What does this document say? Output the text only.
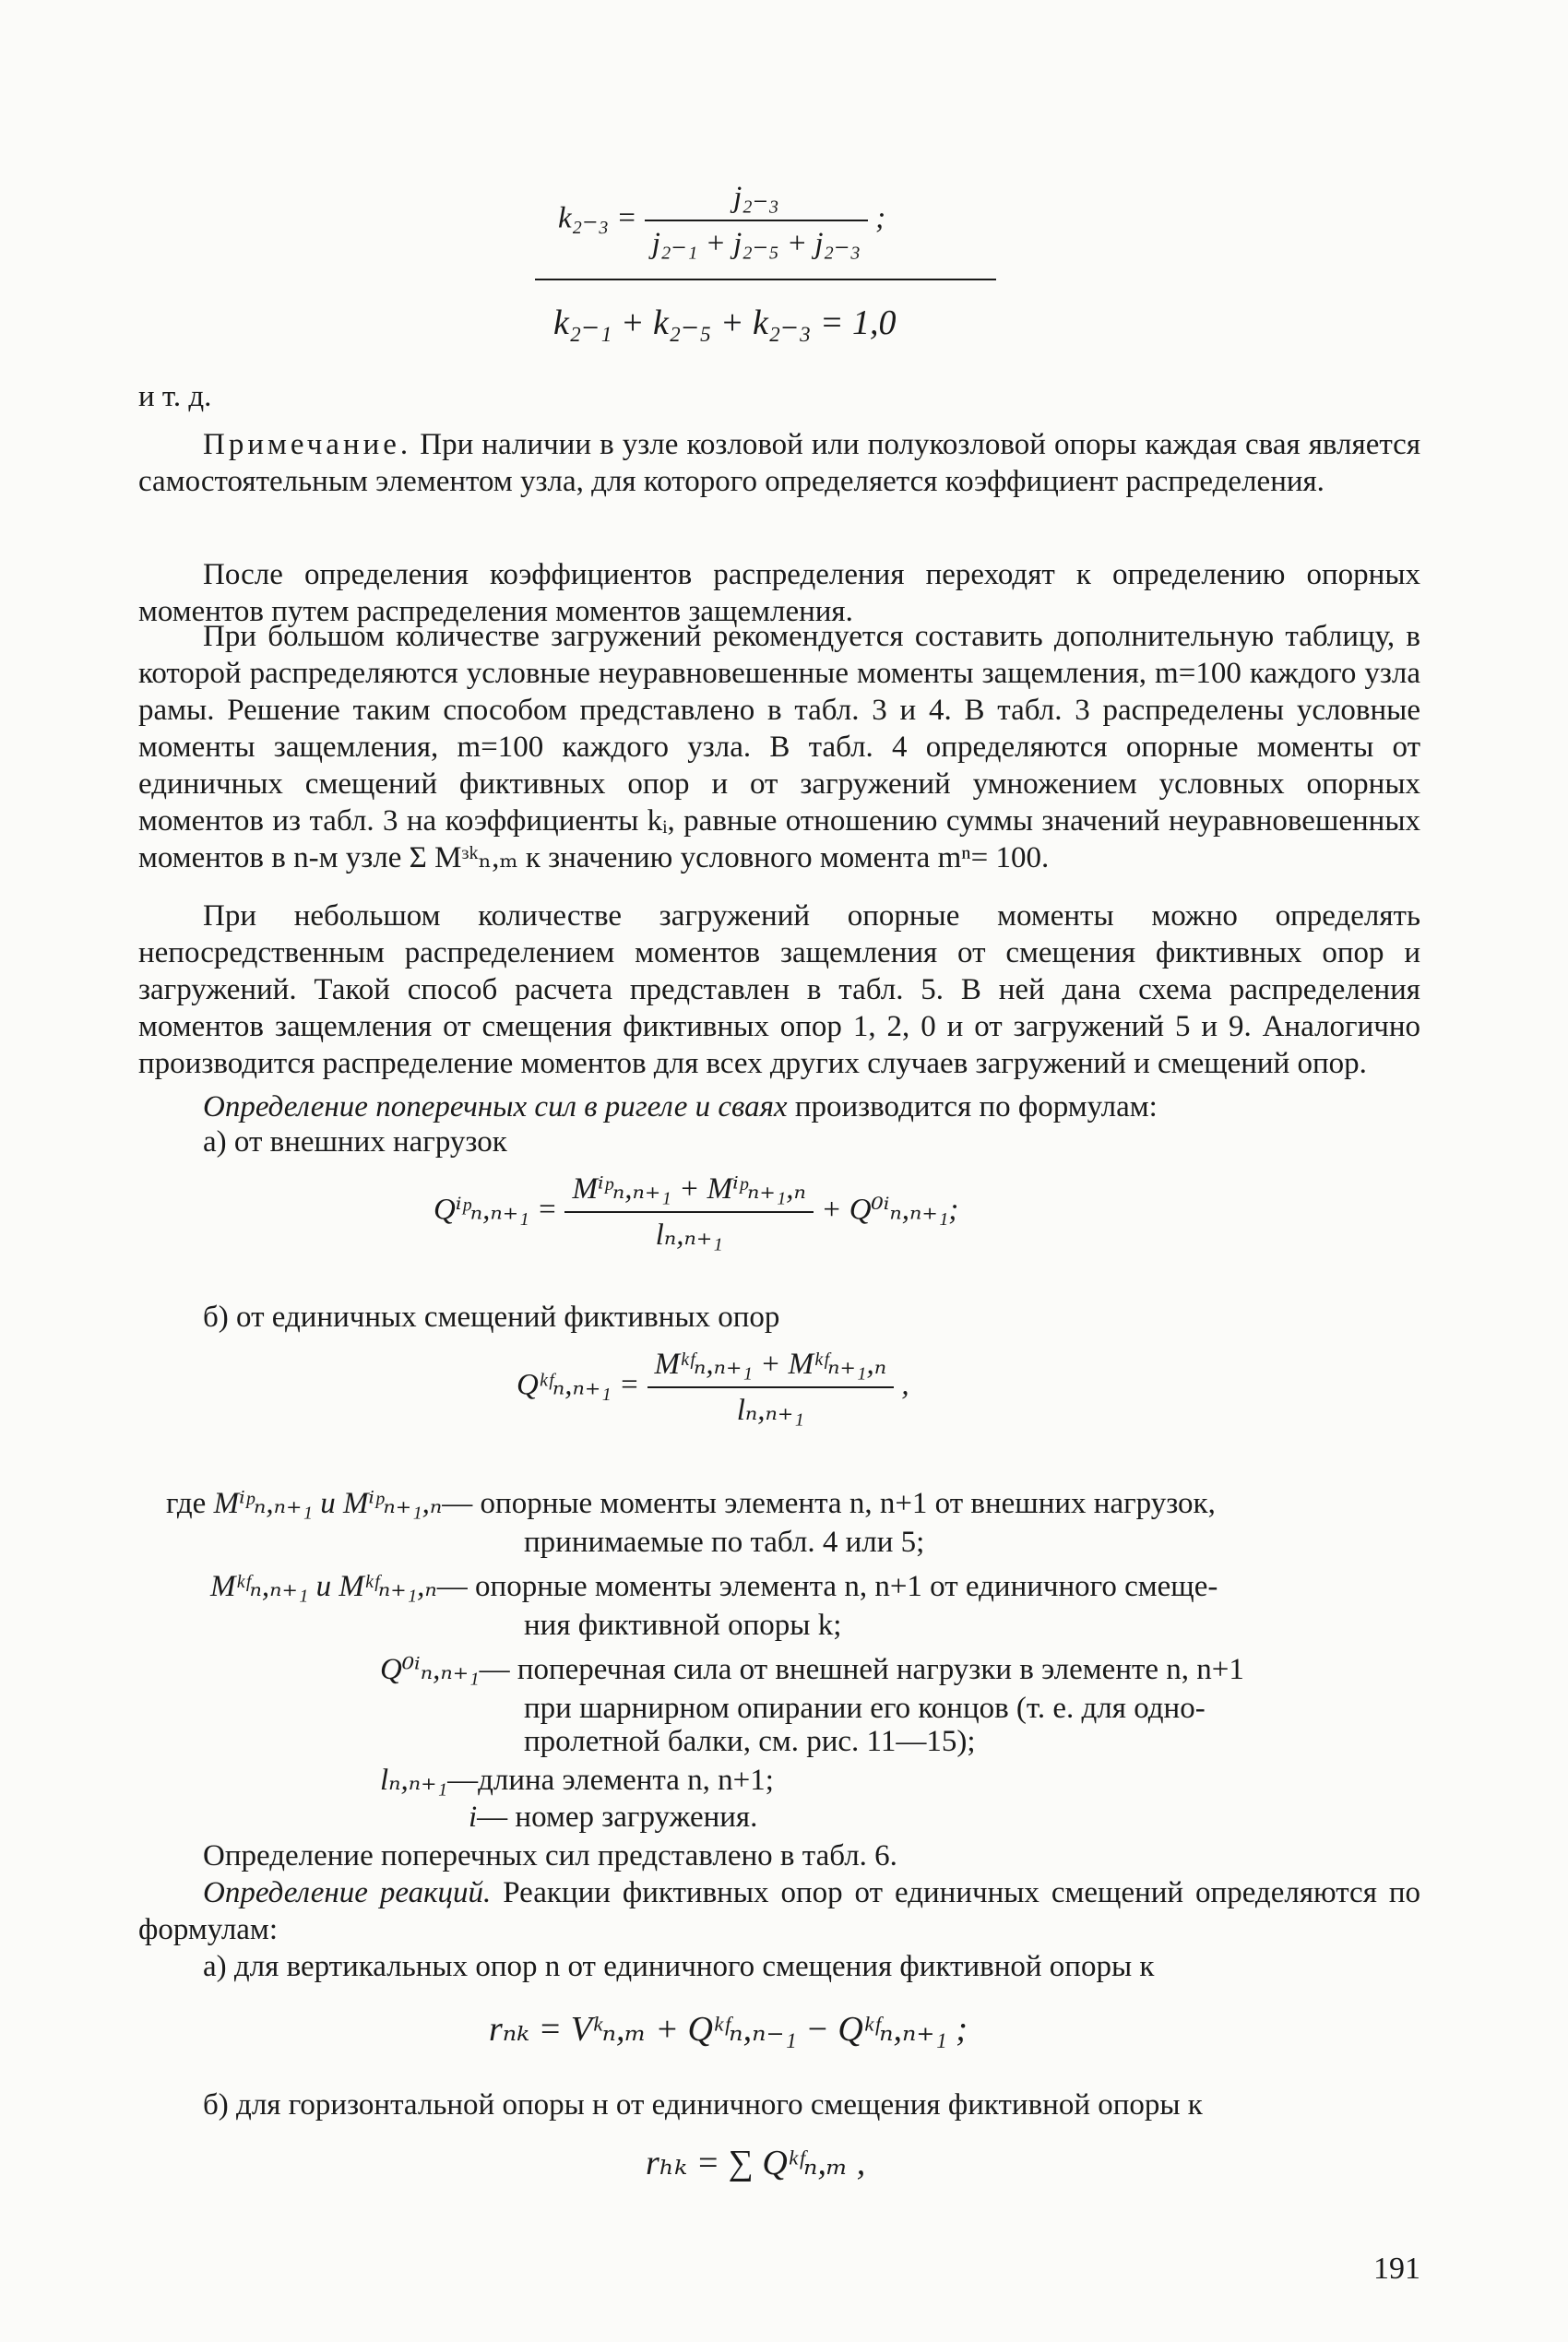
$k_{2-3} = \frac{\text{j₂₋₃}}{\text{j₂₋₁ + j₂₋₅ + j₂₋₃}}$ ;
k₂₋₁ + k₂₋₅ + k₂₋₃ = 1,0
и т. д.
Примечание. При наличии в узле козловой или полукозловой опоры каждая свая является самостоятельным элементом узла, для которого определяется коэффициент распределения.

После определения коэффициентов распределения переходят к определению опорных моментов путем распределения моментов защемления.

При большом количестве загружений рекомендуется составить дополнительную таблицу, в которой распределяются условные неуравновешенные моменты защемления, m=100 каждого узла рамы. Решение таким способом представлено в табл. 3 и 4. В табл. 3 распределены условные моменты защемления, m=100 каждого узла. В табл. 4 определяются опорные моменты от единичных смещений фиктивных опор и от загружений умножением условных опорных моментов из табл. 3 на коэффициенты kᵢ, равные отношению суммы значений неуравновешенных моментов в n-м узле Σ Mᶟᵏₙ,ₘ к значению условного момента mⁿ= 100.

При небольшом количестве загружений опорные моменты можно определять непосредственным распределением моментов защемления от смещения фиктивных опор и загружений. Такой способ расчета представлен в табл. 5. В ней дана схема распределения моментов защемления от смещения фиктивных опор 1, 2, 0 и от загружений 5 и 9. Аналогично производится распределение моментов для всех других случаев загружений и смещений опор.

Определение поперечных сил в ригеле и сваях производится по формулам:
а) от внешних нагрузок
Qⁱᵖₙ,ₙ₊₁ = $\frac{\text{Mⁱᵖₙ,ₙ₊₁ + Mⁱᵖₙ₊₁,ₙ}}{\text{lₙ,ₙ₊₁}} + Q^{0i}_n,_{n+1}$;
б) от единичных смещений фиктивных опор
Qᵏᶠₙ,ₙ₊₁ = $\frac{\text{Mᵏᶠₙ,ₙ₊₁ + Mᵏᶠₙ₊₁,ₙ}}{\text{lₙ,ₙ₊₁}}$ ,
где Mⁱᵖₙ,ₙ₊₁ и Mⁱᵖₙ₊₁,ₙ— опорные моменты элемента n, n+1 от внешних нагрузок,
принимаемые по табл. 4 или 5;
Mᵏᶠₙ,ₙ₊₁ и Mᵏᶠₙ₊₁,ₙ— опорные моменты элемента n, n+1 от единичного смеще-
ния фиктивной опоры k;
Q⁰ⁱₙ,ₙ₊₁— поперечная сила от внешней нагрузки в элементе n, n+1
при шарнирном опирании его концов (т. е. для одно-
пролетной балки, см. рис. 11—15);
lₙ,ₙ₊₁—длина элемента n, n+1;
i— номер загружения.

Определение поперечных сил представлено в табл. 6.

Определение реакций. Реакции фиктивных опор от единичных смещений определяются по формулам:
а) для вертикальных опор n от единичного смещения фиктивной опоры к
rₙₖ = Vᵏₙ,ₘ + Qᵏᶠₙ,ₙ₋₁ − Qᵏᶠₙ,ₙ₊₁ ;
б) для горизонтальной опоры н от единичного смещения фиктивной опоры к
rₕₖ = ∑ Qᵏᶠₙ,ₘ ,
191
